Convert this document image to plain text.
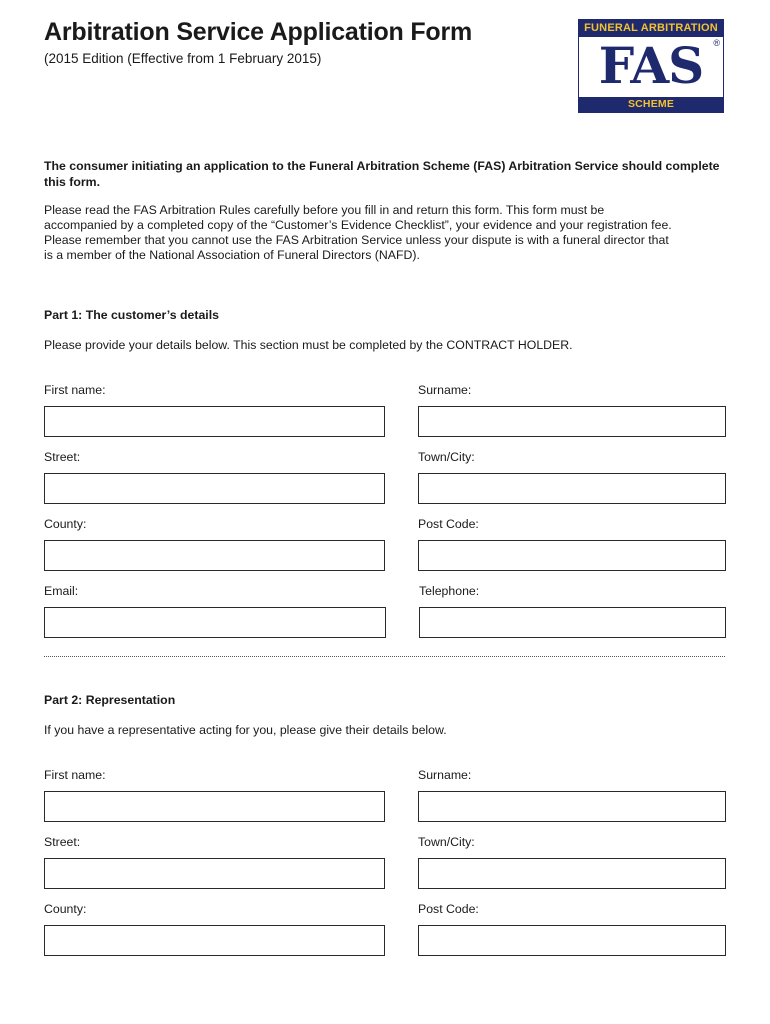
Arbitration Service Application Form
(2015 Edition (Effective from 1 February 2015)
FUNERAL ARBITRATION
FAS	®
SCHEME
The consumer initiating an application to the Funeral Arbitration Scheme (FAS) Arbitration Service should complete this form.
Please read the FAS Arbitration Rules carefully before you fill in and return this form. This form must be
accompanied by a completed copy of the “Customer’s Evidence Checklist”, your evidence and your registration fee.
Please remember that you cannot use the FAS Arbitration Service unless your dispute is with a funeral director that
is a member of the National Association of Funeral Directors (NAFD).
Part 1: The customer’s details
Please provide your details below. This section must be completed by the CONTRACT HOLDER.
First name:	Surname:
Street:	Town/City:
County:	Post Code:
Email:	Telephone:
Part 2: Representation
If you have a representative acting for you, please give their details below.
First name:	Surname:
Street:	Town/City:
County:	Post Code:
